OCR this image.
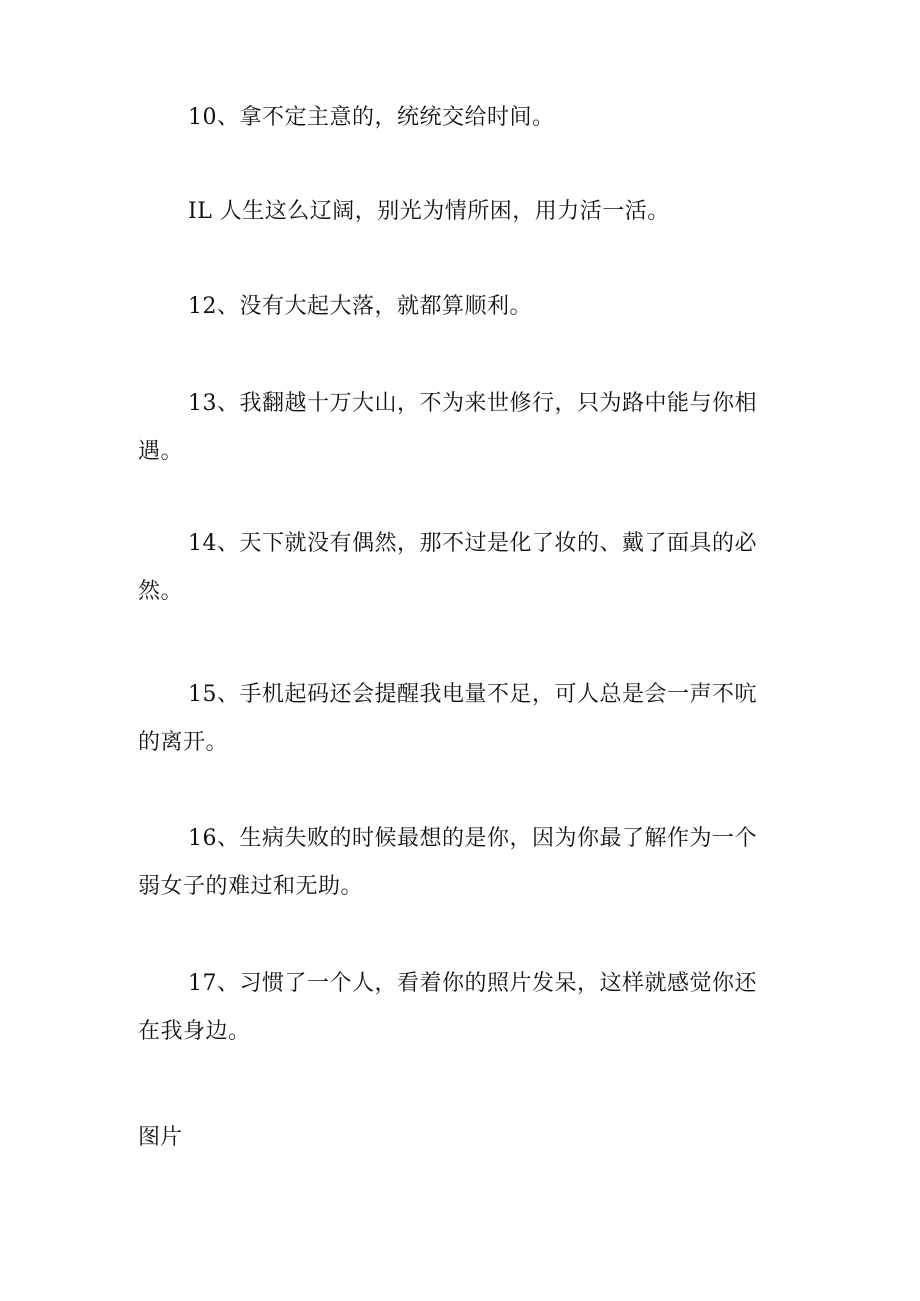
10、拿不定主意的，统统交给时间。

IL 人生这么辽阔，别光为情所困，用力活一活。

12、没有大起大落，就都算顺利。

13、我翻越十万大山，不为来世修行，只为路中能与你相遇。

14、天下就没有偶然，那不过是化了妆的、戴了面具的必然。

15、手机起码还会提醒我电量不足，可人总是会一声不吭的离开。

16、生病失败的时候最想的是你，因为你最了解作为一个弱女子的难过和无助。

17、习惯了一个人，看着你的照片发呆，这样就感觉你还在我身边。

图片
